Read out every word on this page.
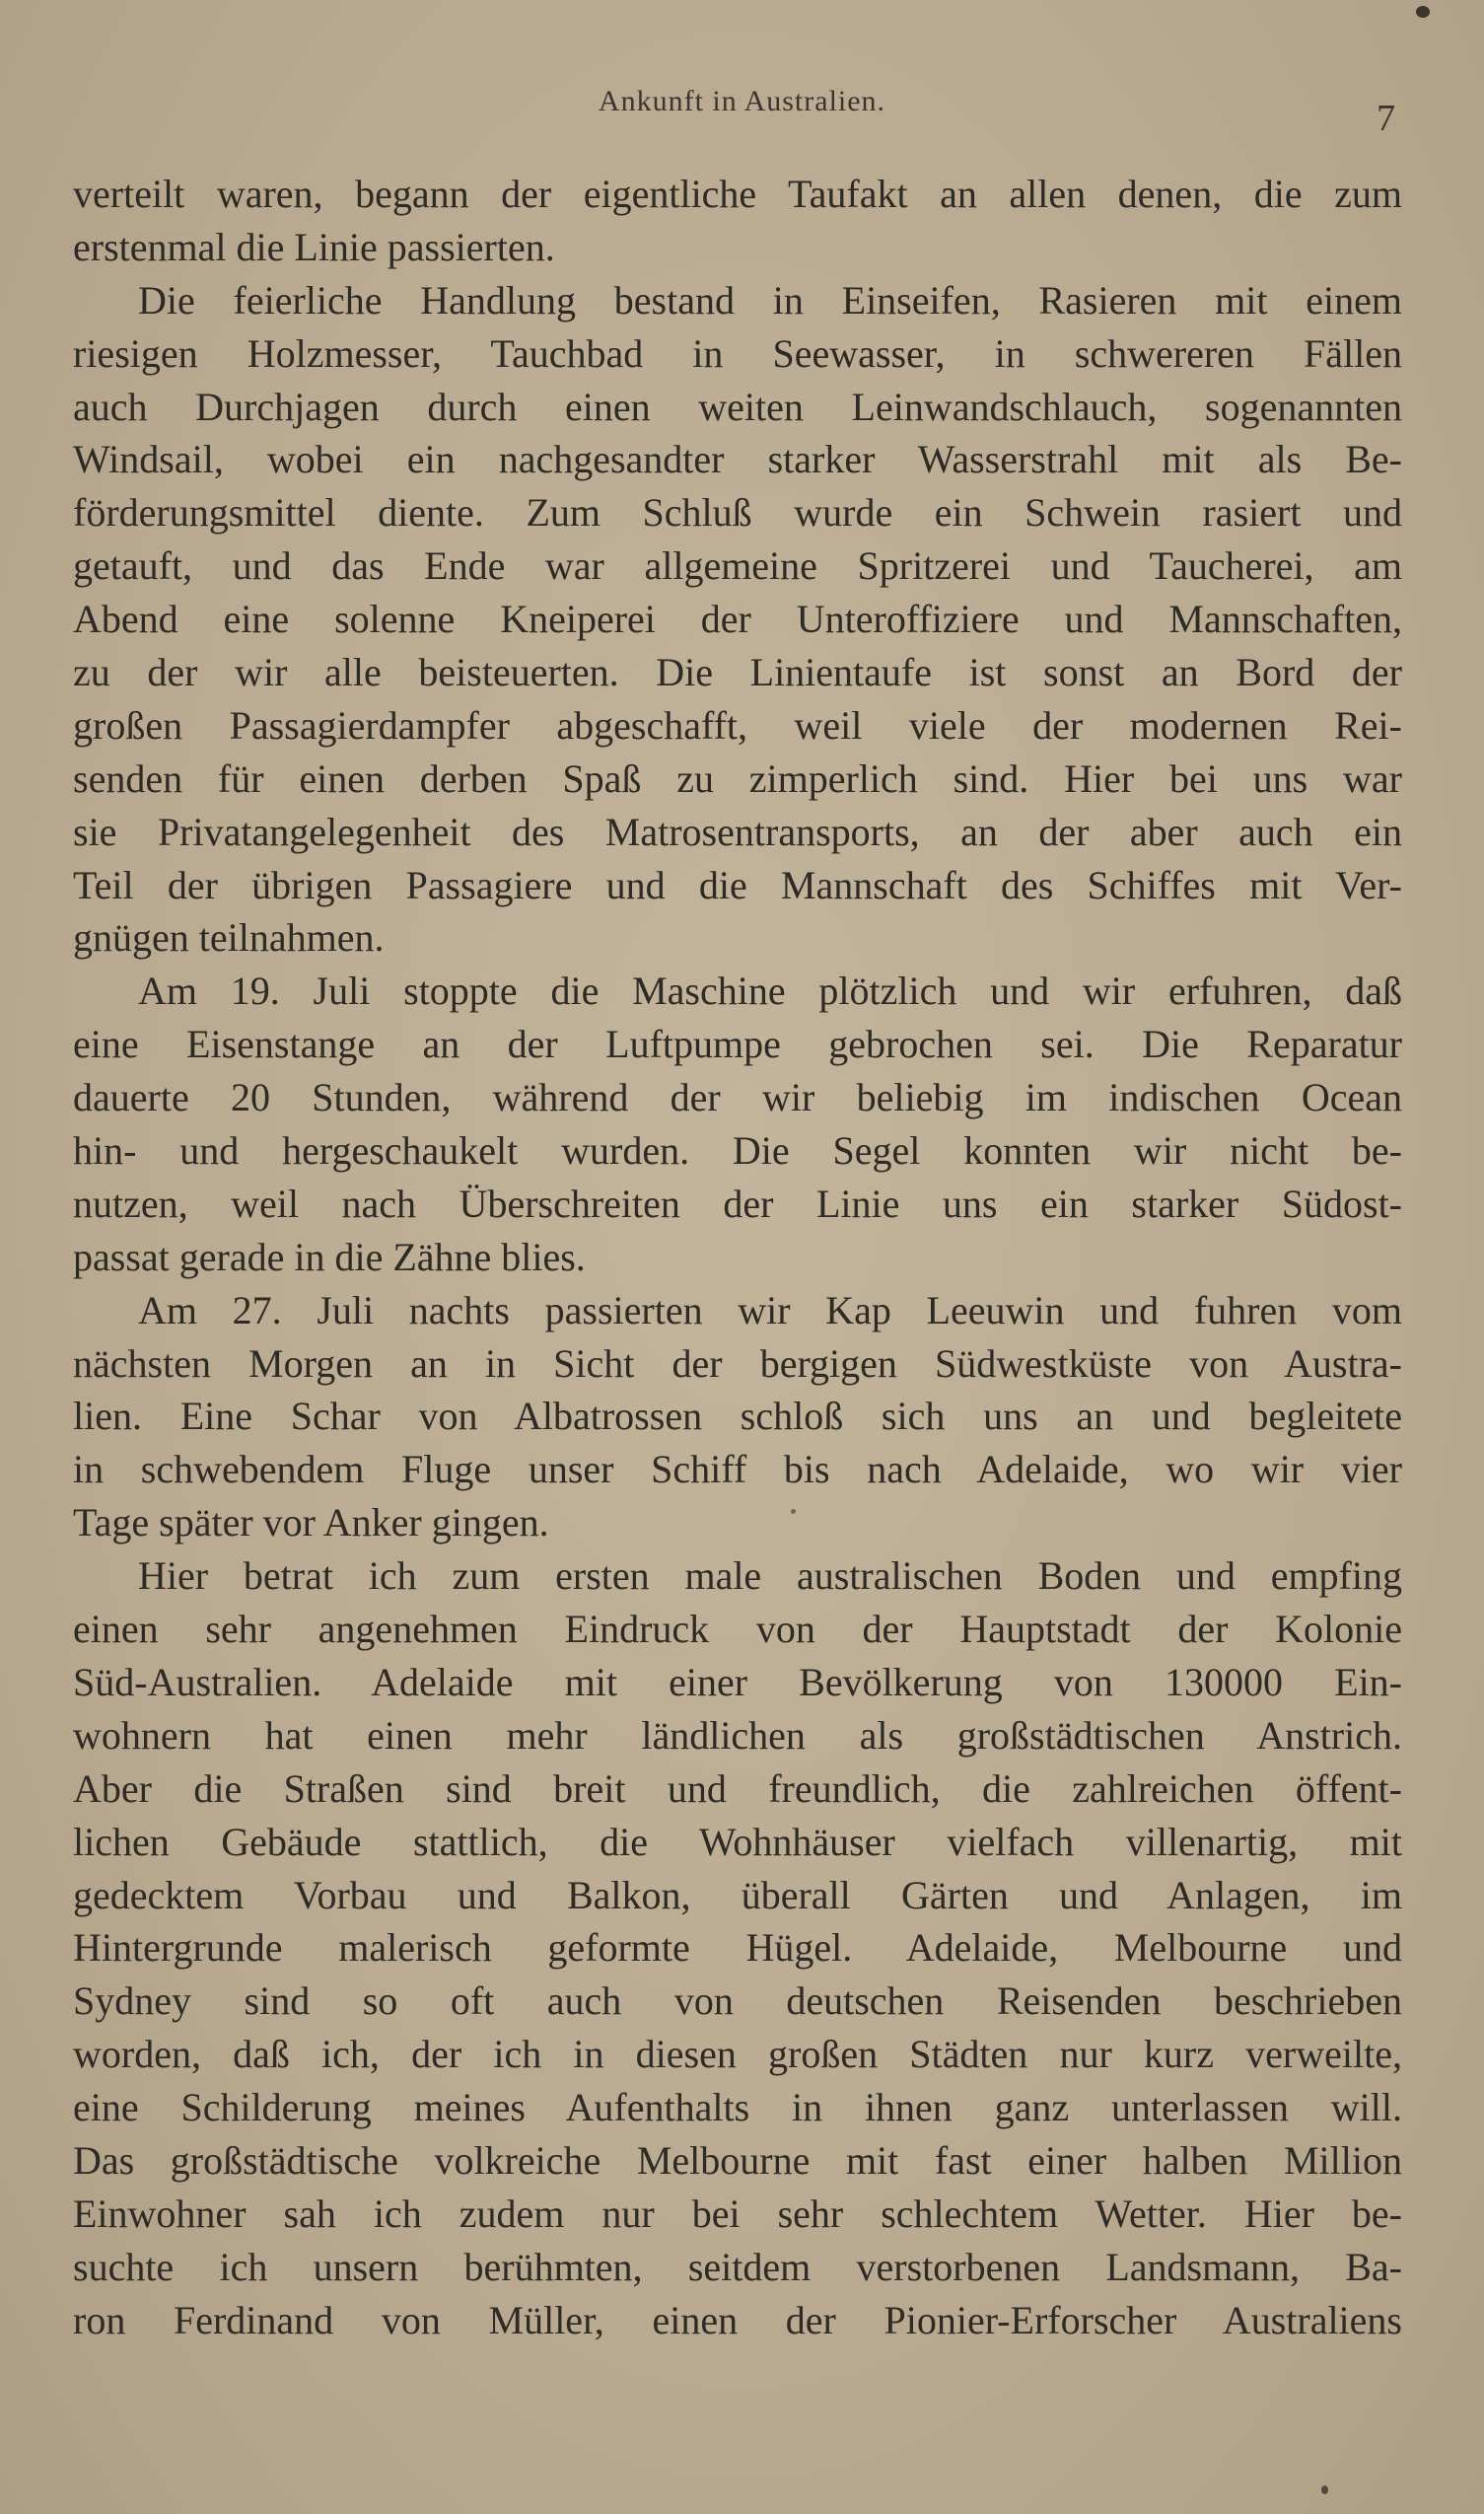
Ankunft in Australien.	7
verteilt waren, begann der eigentliche Taufakt an allen denen, die zum
erstenmal die Linie passierten.
Die feierliche Handlung bestand in Einseifen, Rasieren mit einem
riesigen Holzmesser, Tauchbad in Seewasser, in schwereren Fällen
auch Durchjagen durch einen weiten Leinwandschlauch, sogenannten
Windsail, wobei ein nachgesandter starker Wasserstrahl mit als Be-
förderungsmittel diente. Zum Schluß wurde ein Schwein rasiert und
getauft, und das Ende war allgemeine Spritzerei und Taucherei, am
Abend eine solenne Kneiperei der Unteroffiziere und Mannschaften,
zu der wir alle beisteuerten. Die Linientaufe ist sonst an Bord der
großen Passagierdampfer abgeschafft, weil viele der modernen Rei-
senden für einen derben Spaß zu zimperlich sind. Hier bei uns war
sie Privatangelegenheit des Matrosentransports, an der aber auch ein
Teil der übrigen Passagiere und die Mannschaft des Schiffes mit Ver-
gnügen teilnahmen.
Am 19. Juli stoppte die Maschine plötzlich und wir erfuhren, daß
eine Eisenstange an der Luftpumpe gebrochen sei. Die Reparatur
dauerte 20 Stunden, während der wir beliebig im indischen Ocean
hin- und hergeschaukelt wurden. Die Segel konnten wir nicht be-
nutzen, weil nach Überschreiten der Linie uns ein starker Südost-
passat gerade in die Zähne blies.
Am 27. Juli nachts passierten wir Kap Leeuwin und fuhren vom
nächsten Morgen an in Sicht der bergigen Südwestküste von Austra-
lien. Eine Schar von Albatrossen schloß sich uns an und begleitete
in schwebendem Fluge unser Schiff bis nach Adelaide, wo wir vier
Tage später vor Anker gingen.
Hier betrat ich zum ersten male australischen Boden und empfing
einen sehr angenehmen Eindruck von der Hauptstadt der Kolonie
Süd-Australien. Adelaide mit einer Bevölkerung von 130000 Ein-
wohnern hat einen mehr ländlichen als großstädtischen Anstrich.
Aber die Straßen sind breit und freundlich, die zahlreichen öffent-
lichen Gebäude stattlich, die Wohnhäuser vielfach villenartig, mit
gedecktem Vorbau und Balkon, überall Gärten und Anlagen, im
Hintergrunde malerisch geformte Hügel. Adelaide, Melbourne und
Sydney sind so oft auch von deutschen Reisenden beschrieben
worden, daß ich, der ich in diesen großen Städten nur kurz verweilte,
eine Schilderung meines Aufenthalts in ihnen ganz unterlassen will.
Das großstädtische volkreiche Melbourne mit fast einer halben Million
Einwohner sah ich zudem nur bei sehr schlechtem Wetter. Hier be-
suchte ich unsern berühmten, seitdem verstorbenen Landsmann, Ba-
ron Ferdinand von Müller, einen der Pionier-Erforscher Australiens
